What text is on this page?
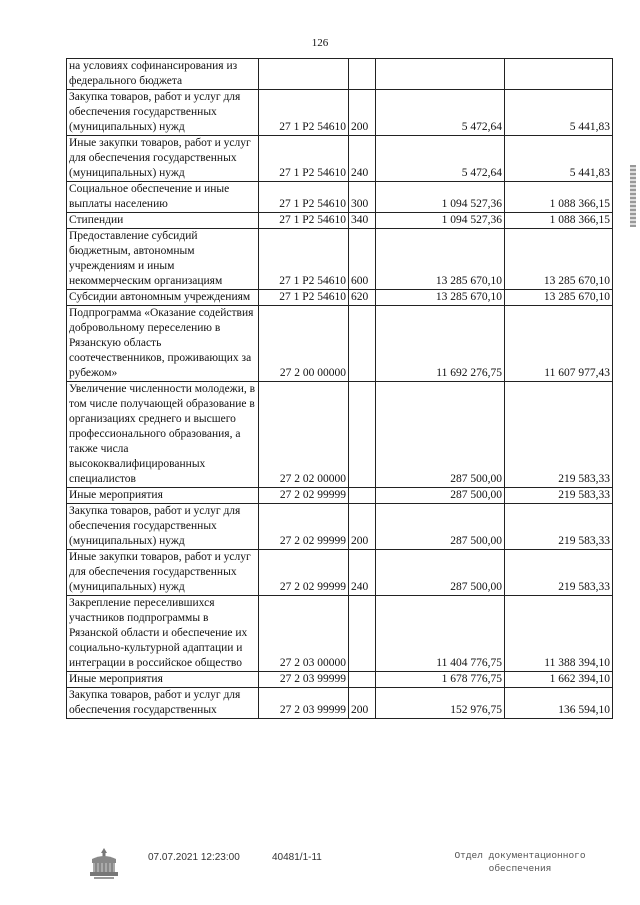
126
на условиях софинансирования из федерального бюджета				
Закупка товаров, работ и услуг для обеспечения государственных (муниципальных) нужд	27 1 Р2 54610	200	5 472,64	5 441,83
Иные закупки товаров, работ и услуг для обеспечения государственных (муниципальных) нужд	27 1 Р2 54610	240	5 472,64	5 441,83
Социальное обеспечение и иные выплаты населению	27 1 Р2 54610	300	1 094 527,36	1 088 366,15
Стипендии	27 1 Р2 54610	340	1 094 527,36	1 088 366,15
Предоставление субсидий бюджетным, автономным учреждениям и иным некоммерческим организациям	27 1 Р2 54610	600	13 285 670,10	13 285 670,10
Субсидии автономным учреждениям	27 1 Р2 54610	620	13 285 670,10	13 285 670,10
Подпрограмма «Оказание содействия добровольному переселению в Рязанскую область соотечественников, проживающих за рубежом»	27 2 00 00000		11 692 276,75	11 607 977,43
Увеличение численности молодежи, в том числе получающей образование в организациях среднего и высшего профессионального образования, а также числа высококвалифицированных специалистов	27 2 02 00000		287 500,00	219 583,33
Иные мероприятия	27 2 02 99999		287 500,00	219 583,33
Закупка товаров, работ и услуг для обеспечения государственных (муниципальных) нужд	27 2 02 99999	200	287 500,00	219 583,33
Иные закупки товаров, работ и услуг для обеспечения государственных (муниципальных) нужд	27 2 02 99999	240	287 500,00	219 583,33
Закрепление переселившихся участников подпрограммы в Рязанской области и обеспечение их социально-культурной адаптации и интеграции в российское общество	27 2 03 00000		11 404 776,75	11 388 394,10
Иные мероприятия	27 2 03 99999		1 678 776,75	1 662 394,10
Закупка товаров, работ и услуг для обеспечения государственных	27 2 03 99999	200	152 976,75	136 594,10
07.07.2021 12:23:00	40481/1-11	Отдел документационного
обеспечения
